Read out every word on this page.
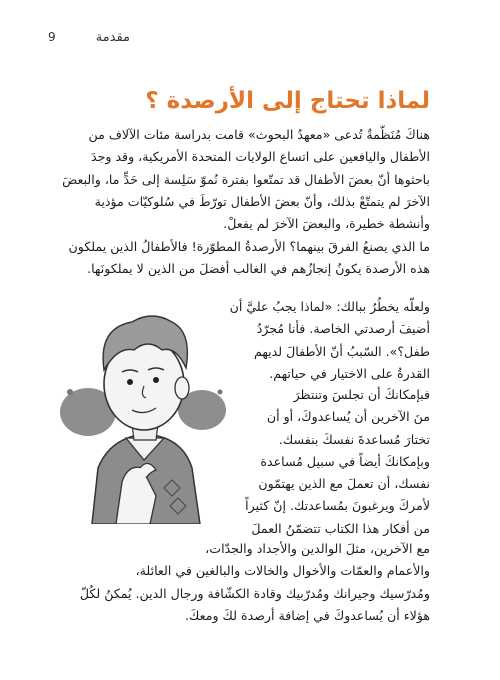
9	مقدمة
لماذا تحتاج إلى الأرصدة ؟

هناكَ مُنَظّمةٌ تُدعى «معهدُ البحوث» قامت بدراسة مئات الآلاف من
الأطفال واليافعين على اتساع الولايات المتحدة الأمريكية، وقد وجدَ
باحثوها أنّ بعضَ الأطفال قد تمتّعوا بفترة نُموّ سَلِسة إلى حَدٍّ ما، والبعضَ
الآخرَ لم يتمتّعْ بذلك، وأنّ بعضَ الأطفال تورّطَ في سُلوكيّات مؤذية
وأنشطة خطيرة، والبعضَ الآخرَ لم يفعلْ.

ما الذي يصنعُ الفرقَ بينهما؟ الأرصدةُ المطوّرة! فالأطفالُ الذين يملكون
هذه الأرصدة يكونُ إنجازُهم في الغالب أفضلَ من الذين لا يملكونَها.

ولعلّه يخطُرُ ببالك: «لماذا يجبُ عليَّ أن
أضيفَ أرصدتي الخاصة. فأنا مُجرّدُ
طفل؟». السّببُ أنّ الأطفالَ لديهم
القدرةُ على الاختيار في حياتهم.

فبإمكانكَ أن تجلسَ وتنتظرَ
منَ الآخرين أن يُساعدوكَ، أو أن
تختارَ مُساعدةَ نفسكَ بنفسك.
وبإمكانكَ أيضاً في سبيل مُساعدة
نفسك، أن تعملَ مع الذين يهتمّون
لأمركَ ويرغبونَ بمُساعدتك. إنّ كثيراً
من أفكار هذا الكتاب تتضمّنُ العملَ

مع الآخرين، مثلَ الوالدين والأجداد والجدّات،
والأعمام والعمّات والأخوال والخالات والبالغين في العائلة،
ومُدرّسيك وجيرانك ومُدرّبيك وقادة الكشّافة ورجال الدين. يُمكنُ لكُلّ
هؤلاء أن يُساعدوكَ في إضافة أرصدة لكَ ومعكَ.
